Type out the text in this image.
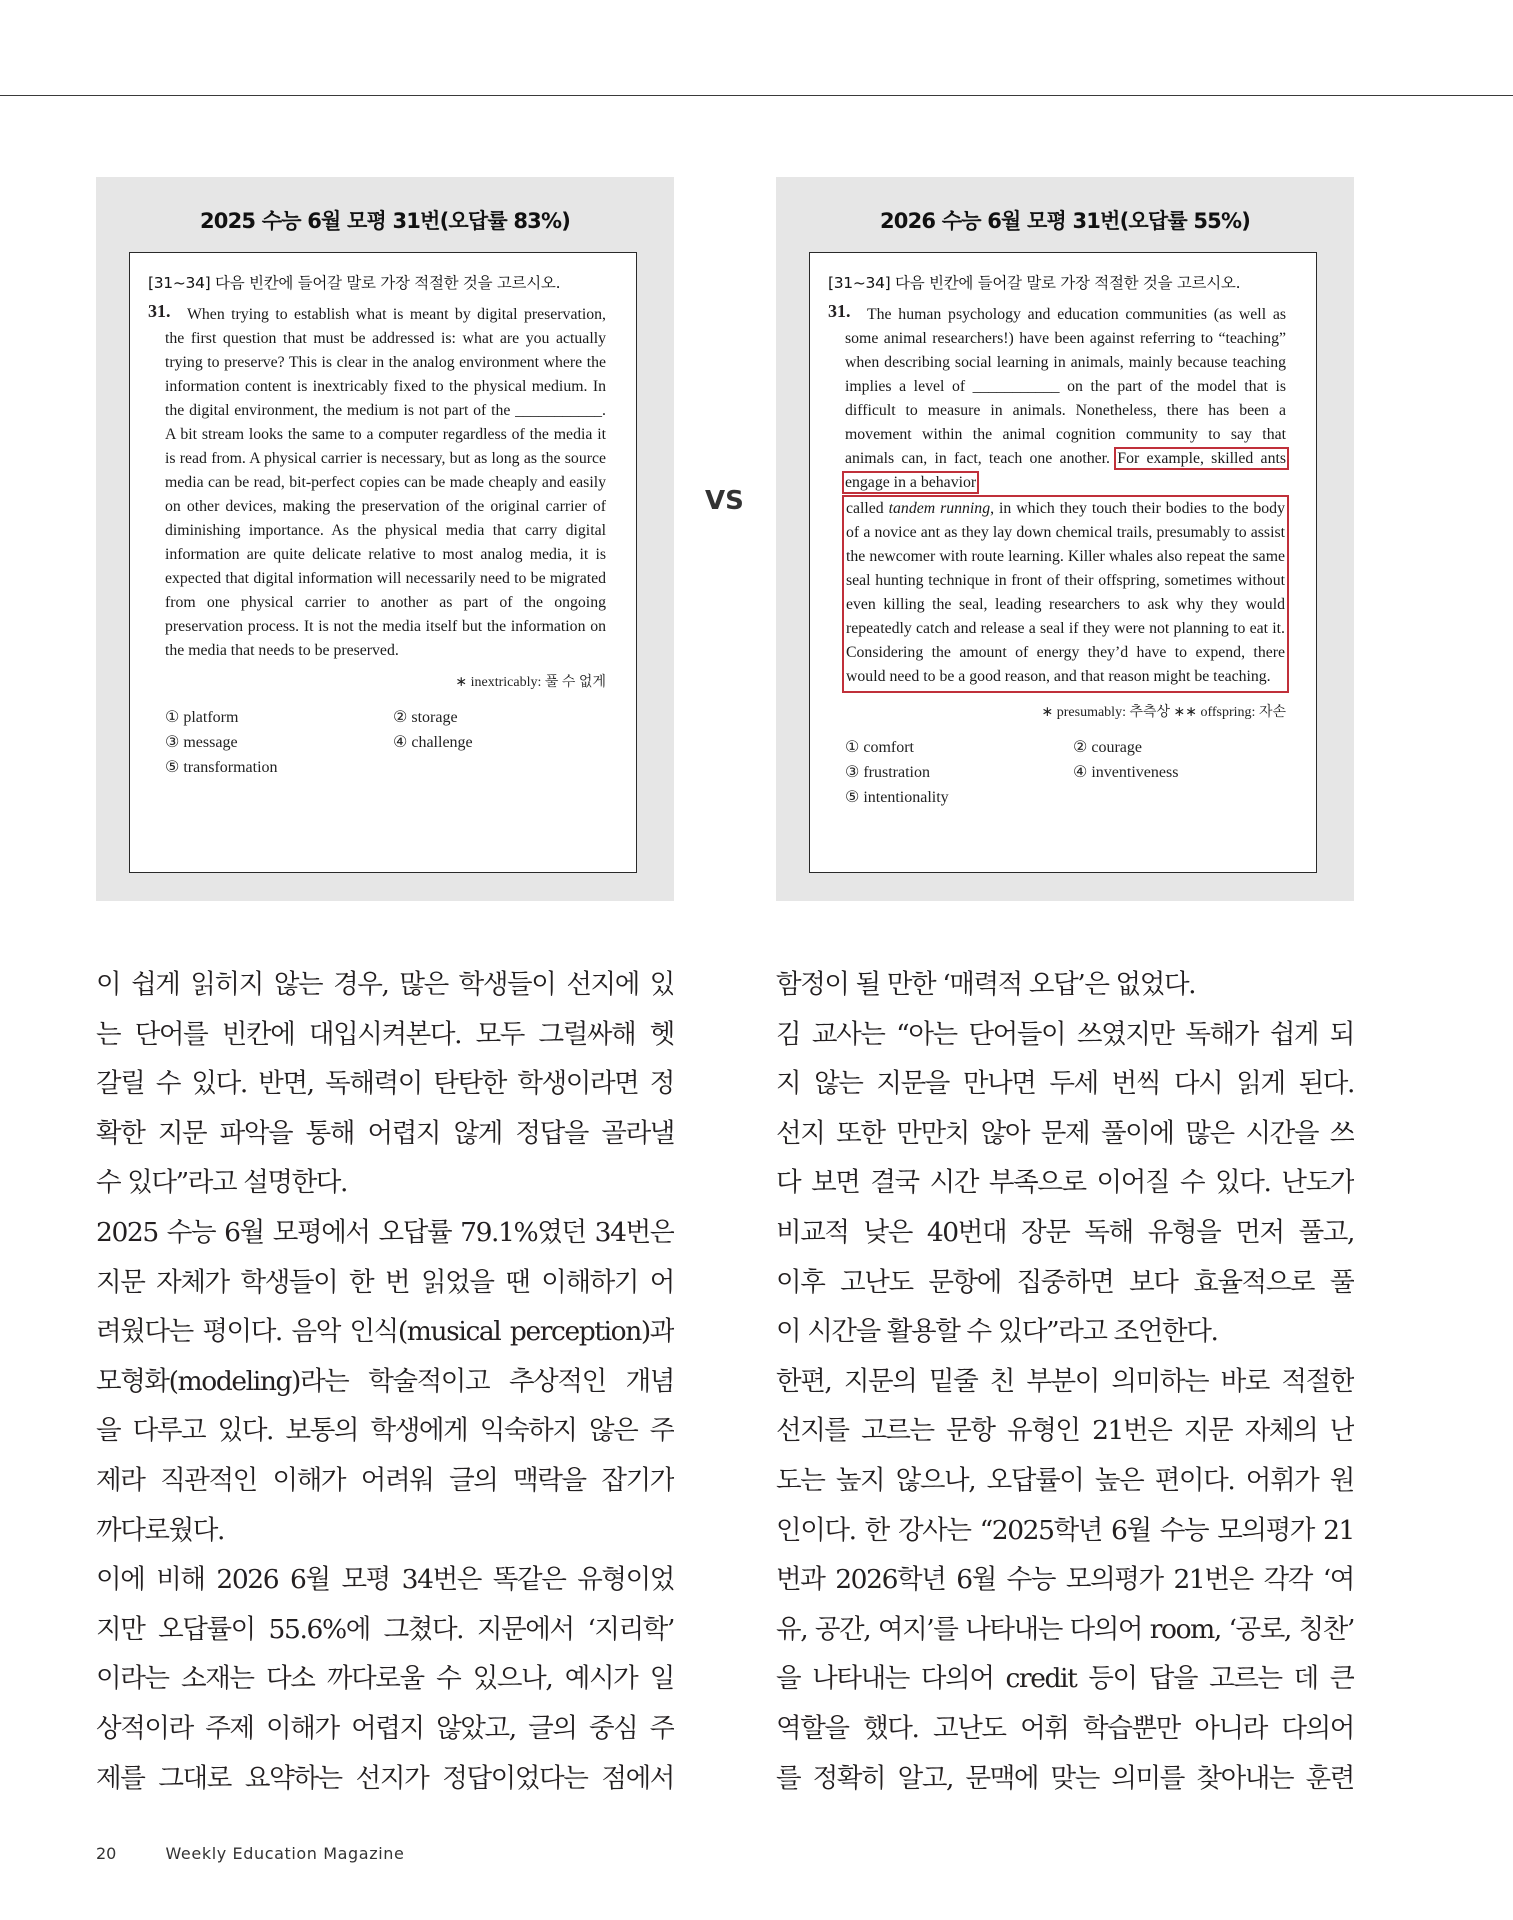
2025 수능 6월 모평 31번(오답률 83%)
[31~34] 다음 빈칸에 들어갈 말로 가장 적절한 것을 고르시오.
31.	When trying to establish what is meant by digital preservation, the first question that must be addressed is: what are you actually trying to preserve? This is clear in the analog environment where the information content is inextricably fixed to the physical medium. In the digital environment, the medium is not part of the ___________. A bit stream looks the same to a computer regardless of the media it is read from. A physical carrier is necessary, but as long as the source media can be read, bit-perfect copies can be made cheaply and easily on other devices, making the preservation of the original carrier of diminishing importance. As the physical media that carry digital information are quite delicate relative to most analog media, it is expected that digital information will necessarily need to be migrated from one physical carrier to another as part of the ongoing preservation process. It is not the media itself but the information on the media that needs to be preserved.
∗ inextricably: 풀 수 없게
① platform	② storage
③ message	④ challenge
⑤ transformation
VS
2026 수능 6월 모평 31번(오답률 55%)
[31~34] 다음 빈칸에 들어갈 말로 가장 적절한 것을 고르시오.
31.	The human psychology and education communities (as well as some animal researchers!) have been against referring to “teaching” when describing social learning in animals, mainly because teaching implies a level of ___________ on the part of the model that is difficult to measure in animals. Nonetheless, there has been a movement within the animal cognition community to say that animals can, in fact, teach one another. For example, skilled ants engage in a behavior
called tandem running, in which they touch their bodies to the body of a novice ant as they lay down chemical trails, presumably to assist the newcomer with route learning. Killer whales also repeat the same seal hunting technique in front of their offspring, sometimes without even killing the seal, leading researchers to ask why they would repeatedly catch and release a seal if they were not planning to eat it. Considering the amount of energy they’d have to expend, there would need to be a good reason, and that reason might be teaching.
∗ presumably: 추측상 ∗∗ offspring: 자손
① comfort	② courage
③ frustration	④ inventiveness
⑤ intentionality
이 쉽게 읽히지 않는 경우, 많은 학생들이 선지에 있
는 단어를 빈칸에 대입시켜본다. 모두 그럴싸해 헷
갈릴 수 있다. 반면, 독해력이 탄탄한 학생이라면 정
확한 지문 파악을 통해 어렵지 않게 정답을 골라낼
수 있다”라고 설명한다.
2025 수능 6월 모평에서 오답률 79.1%였던 34번은
지문 자체가 학생들이 한 번 읽었을 땐 이해하기 어
려웠다는 평이다. 음악 인식(musical perception)과
모형화(modeling)라는 학술적이고 추상적인 개념
을 다루고 있다. 보통의 학생에게 익숙하지 않은 주
제라 직관적인 이해가 어려워 글의 맥락을 잡기가
까다로웠다.
이에 비해 2026 6월 모평 34번은 똑같은 유형이었
지만 오답률이 55.6%에 그쳤다. 지문에서 ‘지리학’
이라는 소재는 다소 까다로울 수 있으나, 예시가 일
상적이라 주제 이해가 어렵지 않았고, 글의 중심 주
제를 그대로 요약하는 선지가 정답이었다는 점에서
함정이 될 만한 ‘매력적 오답’은 없었다.
김 교사는 “아는 단어들이 쓰였지만 독해가 쉽게 되
지 않는 지문을 만나면 두세 번씩 다시 읽게 된다.
선지 또한 만만치 않아 문제 풀이에 많은 시간을 쓰
다 보면 결국 시간 부족으로 이어질 수 있다. 난도가
비교적 낮은 40번대 장문 독해 유형을 먼저 풀고,
이후 고난도 문항에 집중하면 보다 효율적으로 풀
이 시간을 활용할 수 있다”라고 조언한다.
한편, 지문의 밑줄 친 부분이 의미하는 바로 적절한
선지를 고르는 문항 유형인 21번은 지문 자체의 난
도는 높지 않으나, 오답률이 높은 편이다. 어휘가 원
인이다. 한 강사는 “2025학년 6월 수능 모의평가 21
번과 2026학년 6월 수능 모의평가 21번은 각각 ‘여
유, 공간, 여지’를 나타내는 다의어 room, ‘공로, 칭찬’
을 나타내는 다의어 credit 등이 답을 고르는 데 큰
역할을 했다. 고난도 어휘 학습뿐만 아니라 다의어
를 정확히 알고, 문맥에 맞는 의미를 찾아내는 훈련
20	Weekly Education Magazine
